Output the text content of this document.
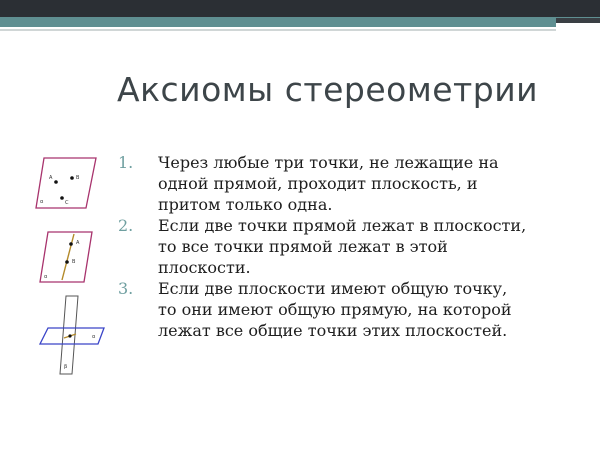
Аксиомы стереометрии
1.	Через любые три точки, не лежащие на
одной прямой, проходит плоскость, и
притом только одна.
2.	Если две точки прямой лежат в плоскости,
то все точки прямой лежат в этой
плоскости.
3.	Если две плоскости имеют общую точку,
то они имеют общую прямую, на которой
лежат все общие точки этих плоскостей.
A	B
C
α
A
B
α
α
β
